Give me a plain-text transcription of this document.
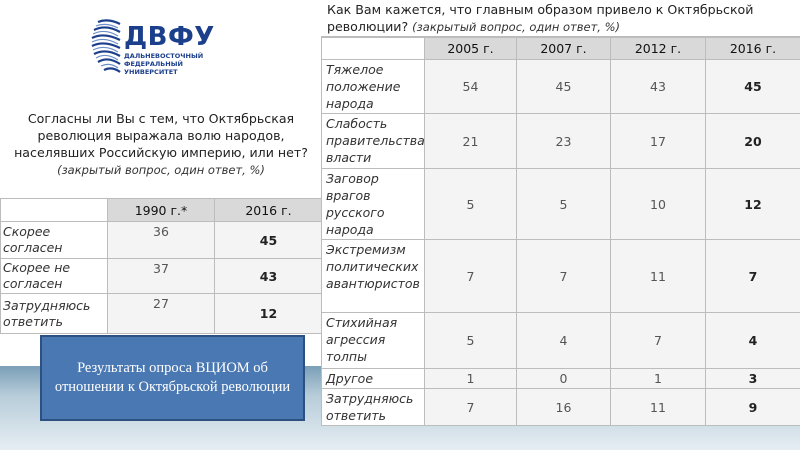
ДВФУ
ДАЛЬНЕВОСТОЧНЫЙ
ФЕДЕРАЛЬНЫЙ
УНИВЕРСИТЕТ
Согласны ли Вы с тем, что Октябрьская революция выражала волю народов, населявших Российскую империю, или нет? (закрытый вопрос, один ответ, %)
	1990 г.*	2016 г.
Скорее согласен	36	45
Скорее не согласен	37	43
Затрудняюсь ответить	27	12
Как Вам кажется, что главным образом привело к Октябрьской революции? (закрытый вопрос, один ответ, %)
	2005 г.	2007 г.	2012 г.	2016 г.
Тяжелое положение народа	54	45	43	45
Слабость правительства власти	21	23	17	20
Заговор врагов русского народа	5	5	10	12
Экстремизм политических авантюристов	7	7	11	7
Стихийная агрессия толпы	5	4	7	4
Другое	1	0	1	3
Затрудняюсь ответить	7	16	11	9
Результаты опроса ВЦИОМ об отношении к Октябрьской революции
